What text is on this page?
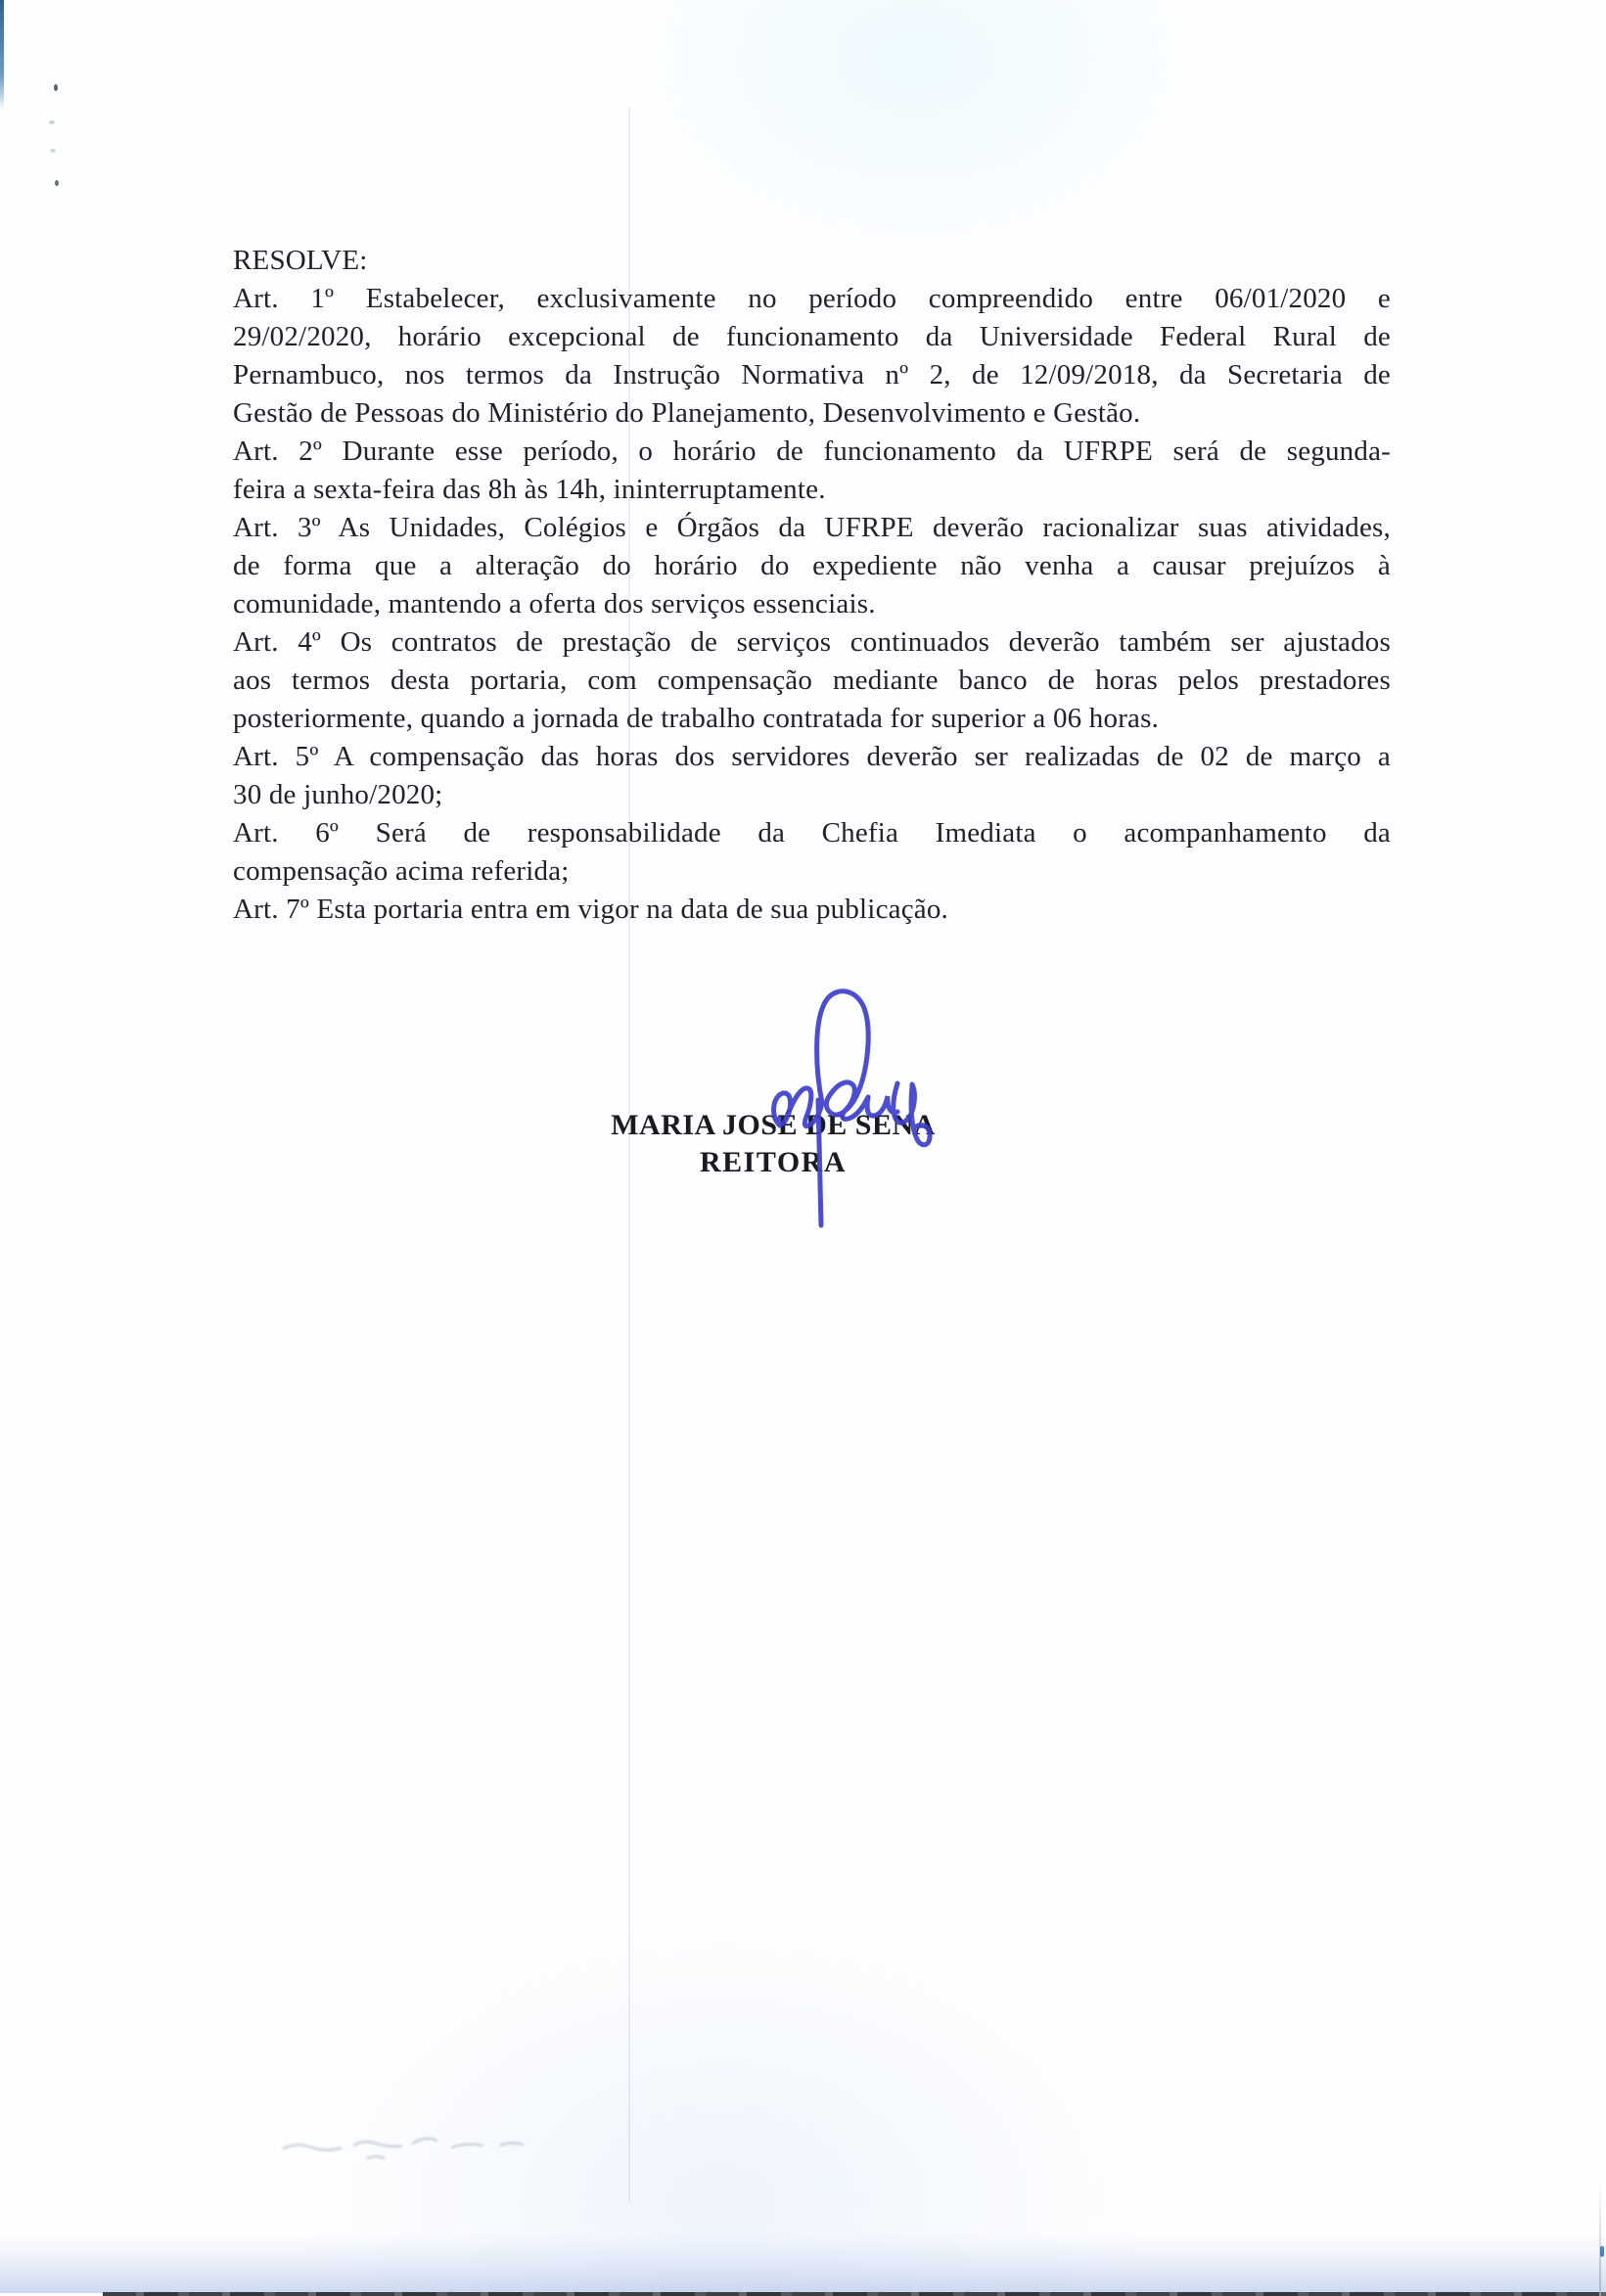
RESOLVE:
Art. 1º Estabelecer, exclusivamente no período compreendido entre 06/01/2020 e
29/02/2020, horário excepcional de funcionamento da Universidade Federal Rural de
Pernambuco, nos termos da Instrução Normativa nº 2, de 12/09/2018, da Secretaria de
Gestão de Pessoas do Ministério do Planejamento, Desenvolvimento e Gestão.
Art. 2º Durante esse período, o horário de funcionamento da UFRPE será de segunda-
feira a sexta-feira das 8h às 14h, ininterruptamente.
Art. 3º As Unidades, Colégios e Órgãos da UFRPE deverão racionalizar suas atividades,
de forma que a alteração do horário do expediente não venha a causar prejuízos à
comunidade, mantendo a oferta dos serviços essenciais.
Art. 4º Os contratos de prestação de serviços continuados deverão também ser ajustados
aos termos desta portaria, com compensação mediante banco de horas pelos prestadores
posteriormente, quando a jornada de trabalho contratada for superior a 06 horas.
Art. 5º A compensação das horas dos servidores deverão ser realizadas de 02 de março a
30 de junho/2020;
Art. 6º Será de responsabilidade da Chefia Imediata o acompanhamento da
compensação acima referida;
Art. 7º Esta portaria entra em vigor na data de sua publicação.
MARIA JOSÉ DE SENA
REITORA
